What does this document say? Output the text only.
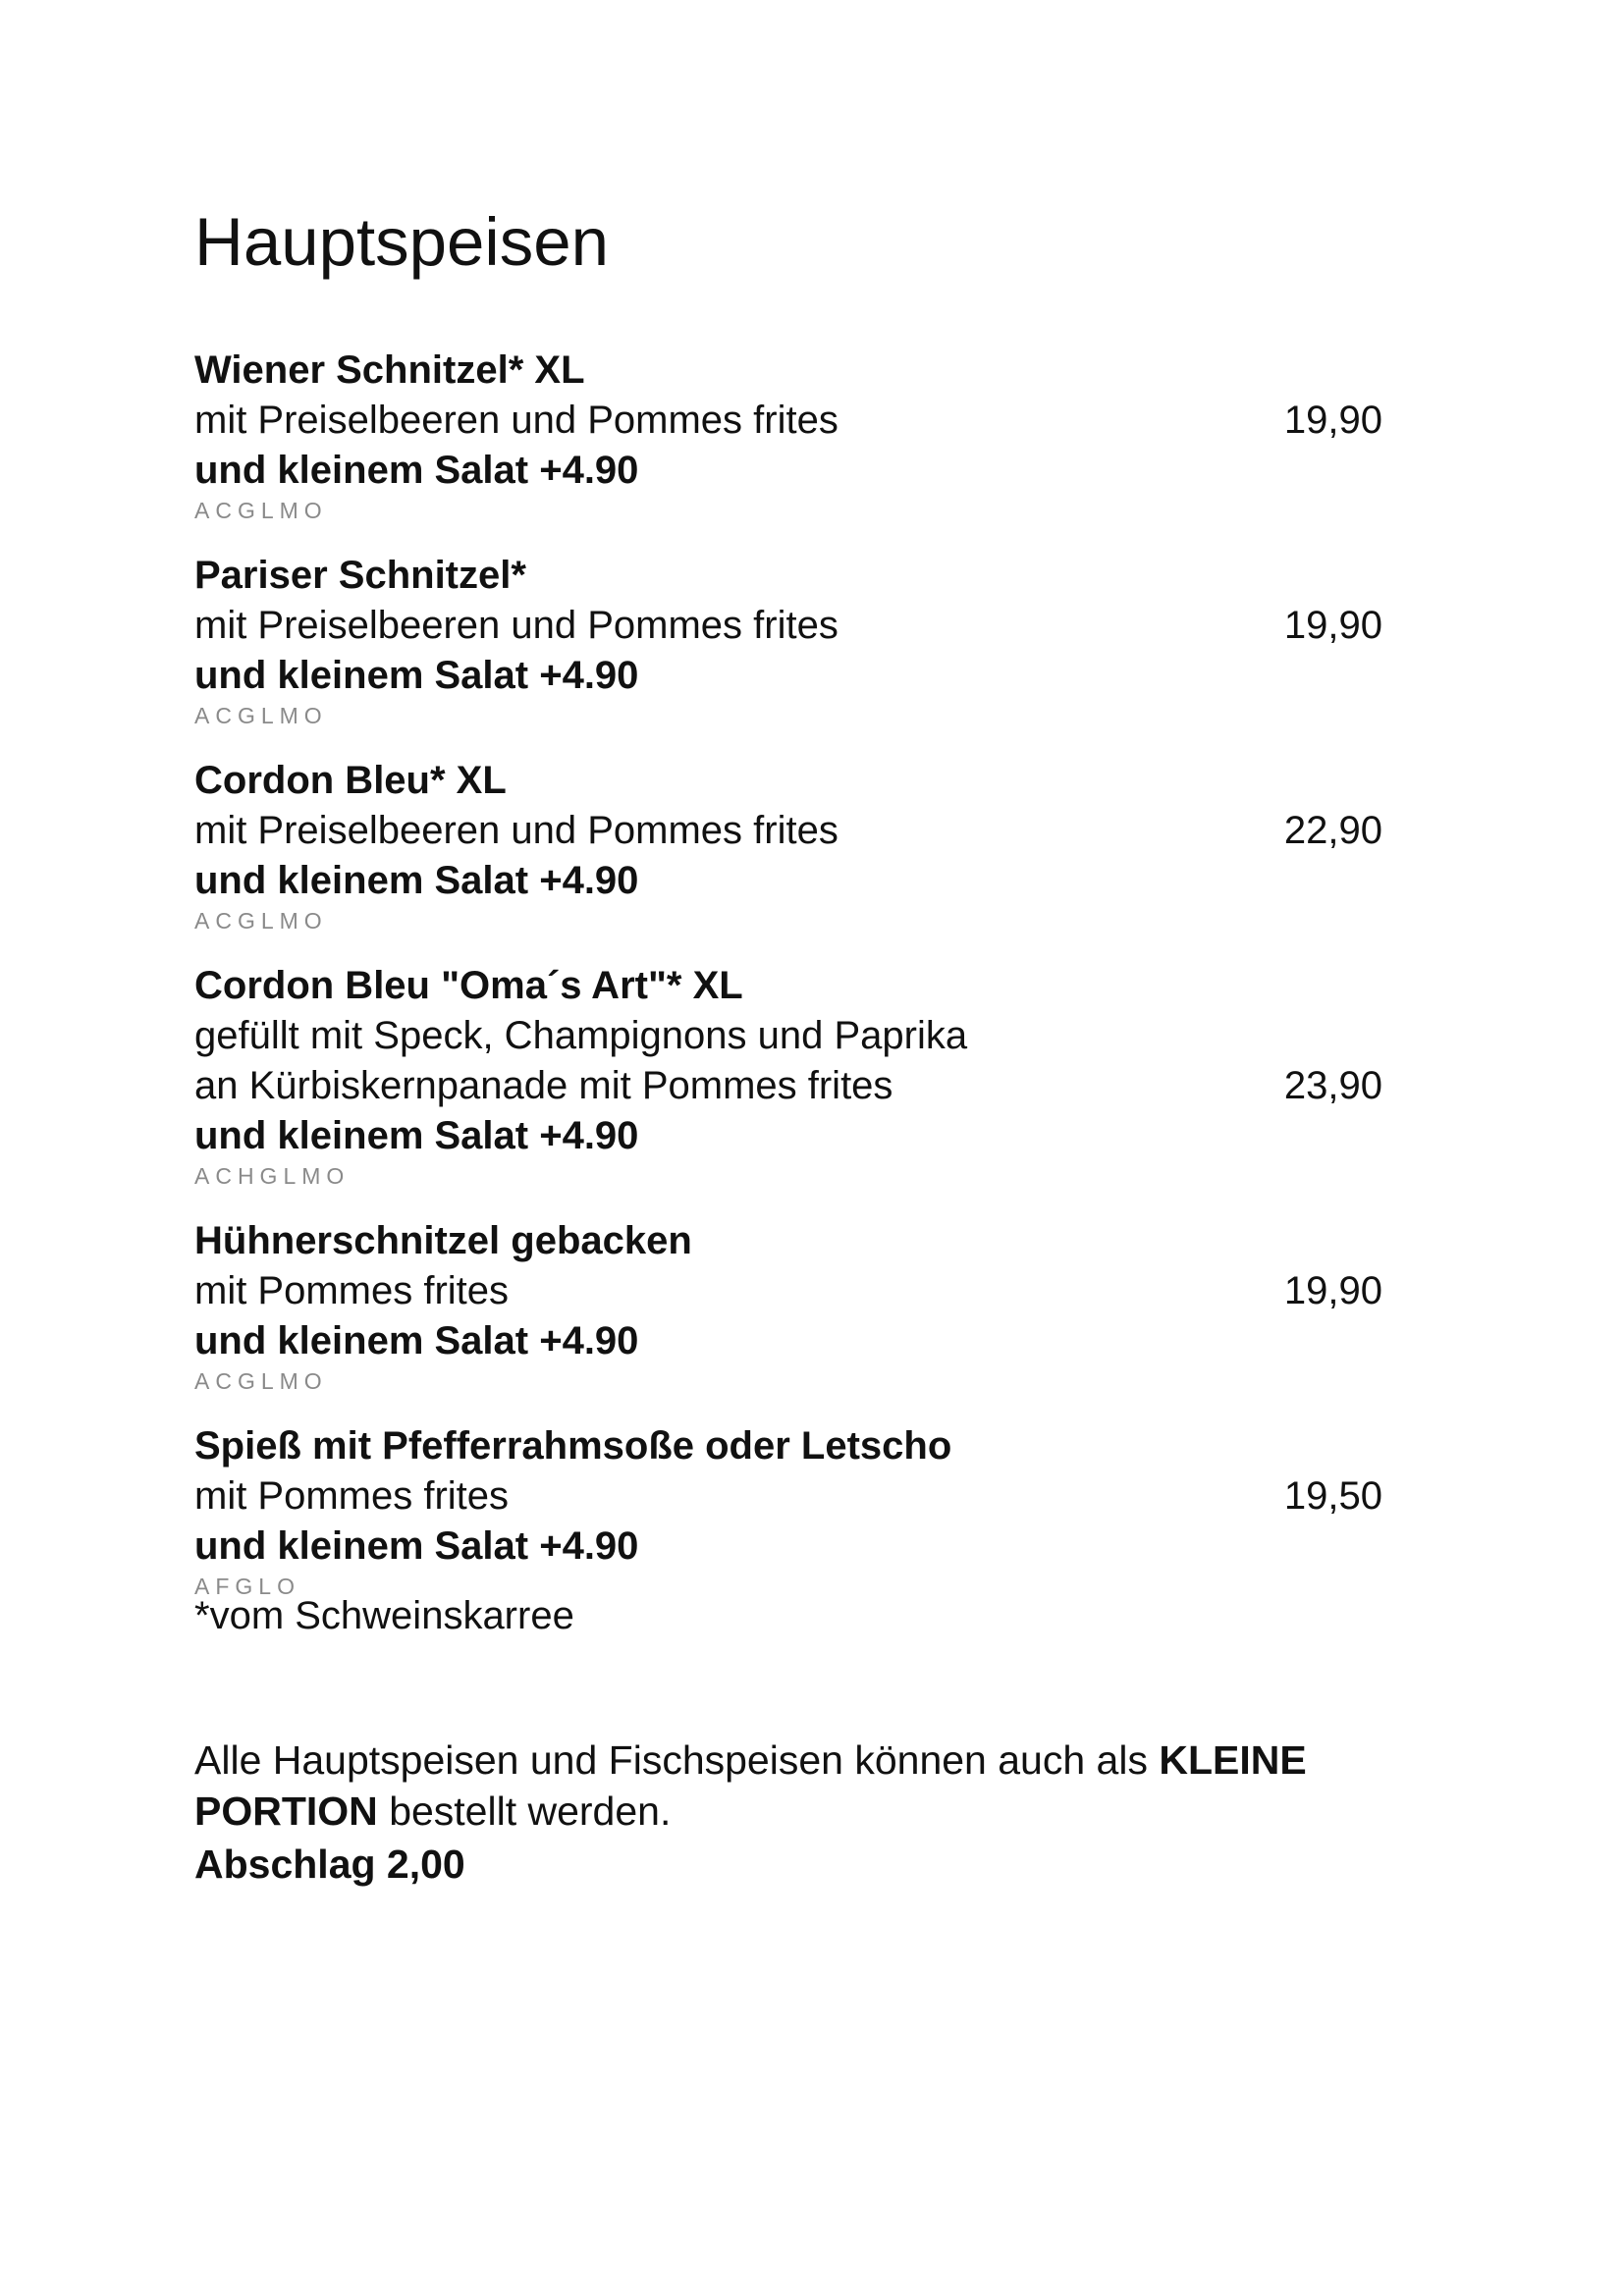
Hauptspeisen
Wiener Schnitzel* XL
mit Preiselbeeren und Pommes frites
und kleinem Salat +4.90
ACGLMO
19,90
Pariser Schnitzel*
mit Preiselbeeren und Pommes frites
und kleinem Salat +4.90
ACGLMO
19,90
Cordon Bleu* XL
mit Preiselbeeren und Pommes frites
und kleinem Salat +4.90
ACGLMO
22,90
Cordon Bleu "Oma´s Art"* XL
gefüllt mit Speck, Champignons und Paprika
an Kürbiskernpanade mit Pommes frites
und kleinem Salat +4.90
ACHGLMO
23,90
Hühnerschnitzel gebacken
mit Pommes frites
und kleinem Salat +4.90
ACGLMO
19,90
Spieß mit Pfefferrahmsoße oder Letscho
mit Pommes frites
und kleinem Salat +4.90
AFGLO
19,50
*vom Schweinskarree
Alle Hauptspeisen und Fischspeisen können auch als KLEINE
PORTION bestellt werden.
Abschlag 2,00
